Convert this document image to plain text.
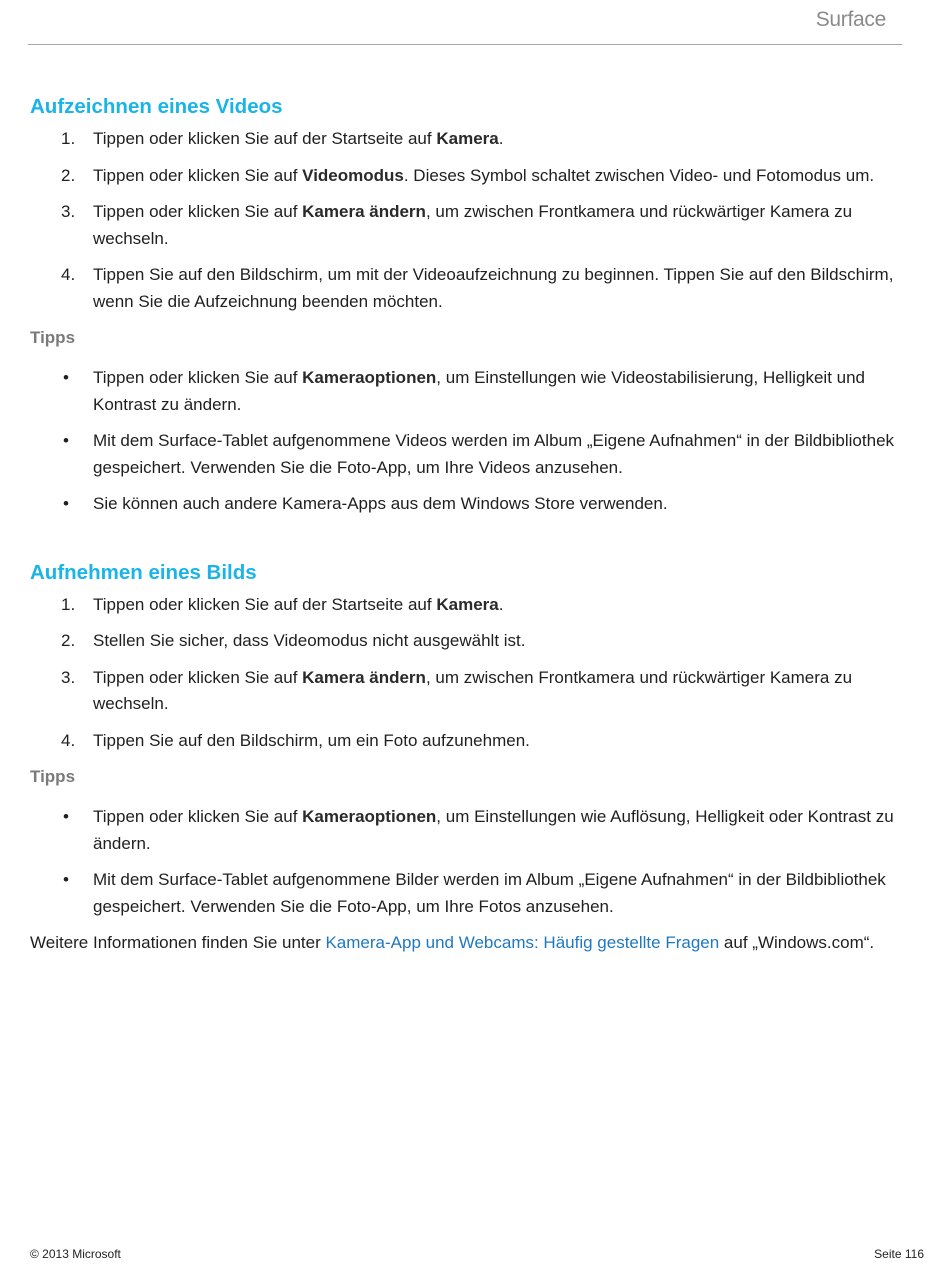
Surface
Aufzeichnen eines Videos
1. Tippen oder klicken Sie auf der Startseite auf Kamera.
2. Tippen oder klicken Sie auf Videomodus. Dieses Symbol schaltet zwischen Video- und Fotomodus um.
3. Tippen oder klicken Sie auf Kamera ändern, um zwischen Frontkamera und rückwärtiger Kamera zu wechseln.
4. Tippen Sie auf den Bildschirm, um mit der Videoaufzeichnung zu beginnen. Tippen Sie auf den Bildschirm, wenn Sie die Aufzeichnung beenden möchten.
Tipps
• Tippen oder klicken Sie auf Kameraoptionen, um Einstellungen wie Videostabilisierung, Helligkeit und Kontrast zu ändern.
• Mit dem Surface-Tablet aufgenommene Videos werden im Album „Eigene Aufnahmen“ in der Bildbibliothek gespeichert. Verwenden Sie die Foto-App, um Ihre Videos anzusehen.
• Sie können auch andere Kamera-Apps aus dem Windows Store verwenden.
Aufnehmen eines Bilds
1. Tippen oder klicken Sie auf der Startseite auf Kamera.
2. Stellen Sie sicher, dass Videomodus nicht ausgewählt ist.
3. Tippen oder klicken Sie auf Kamera ändern, um zwischen Frontkamera und rückwärtiger Kamera zu wechseln.
4. Tippen Sie auf den Bildschirm, um ein Foto aufzunehmen.
Tipps
• Tippen oder klicken Sie auf Kameraoptionen, um Einstellungen wie Auflösung, Helligkeit oder Kontrast zu ändern.
• Mit dem Surface-Tablet aufgenommene Bilder werden im Album „Eigene Aufnahmen“ in der Bildbibliothek gespeichert. Verwenden Sie die Foto-App, um Ihre Fotos anzusehen.
Weitere Informationen finden Sie unter Kamera-App und Webcams: Häufig gestellte Fragen auf „Windows.com“.
© 2013 Microsoft	Seite 116
